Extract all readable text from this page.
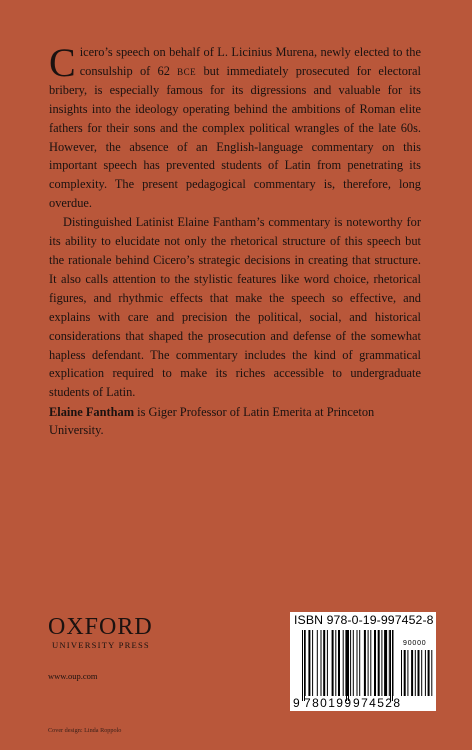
Cicero’s speech on behalf of L. Licinius Murena, newly elected to the consulship of 62 bce but immediately prosecuted for electoral bribery, is especially famous for its digressions and valuable for its insights into the ideology operating behind the ambitions of Roman elite fathers for their sons and the complex political wrangles of the late 60s. However, the absence of an English-language commentary on this important speech has prevented students of Latin from penetrating its complexity. The present pedagogical commentary is, therefore, long overdue.

Distinguished Latinist Elaine Fantham’s commentary is noteworthy for its ability to elucidate not only the rhetorical structure of this speech but the rationale behind Cicero’s strategic decisions in creating that structure. It also calls attention to the stylistic features like word choice, rhetorical figures, and rhythmic effects that make the speech so effective, and explains with care and precision the political, social, and historical considerations that shaped the prosecution and defense of the somewhat hapless defendant. The commentary includes the kind of grammatical explication required to make its riches accessible to undergraduate students of Latin.

Elaine Fantham is Giger Professor of Latin Emerita at Princeton University.
OXFORD
UNIVERSITY PRESS
www.oup.com
Cover design: Linda Roppolo
ISBN 978-0-19-997452-8
90000
9 780199 974528
